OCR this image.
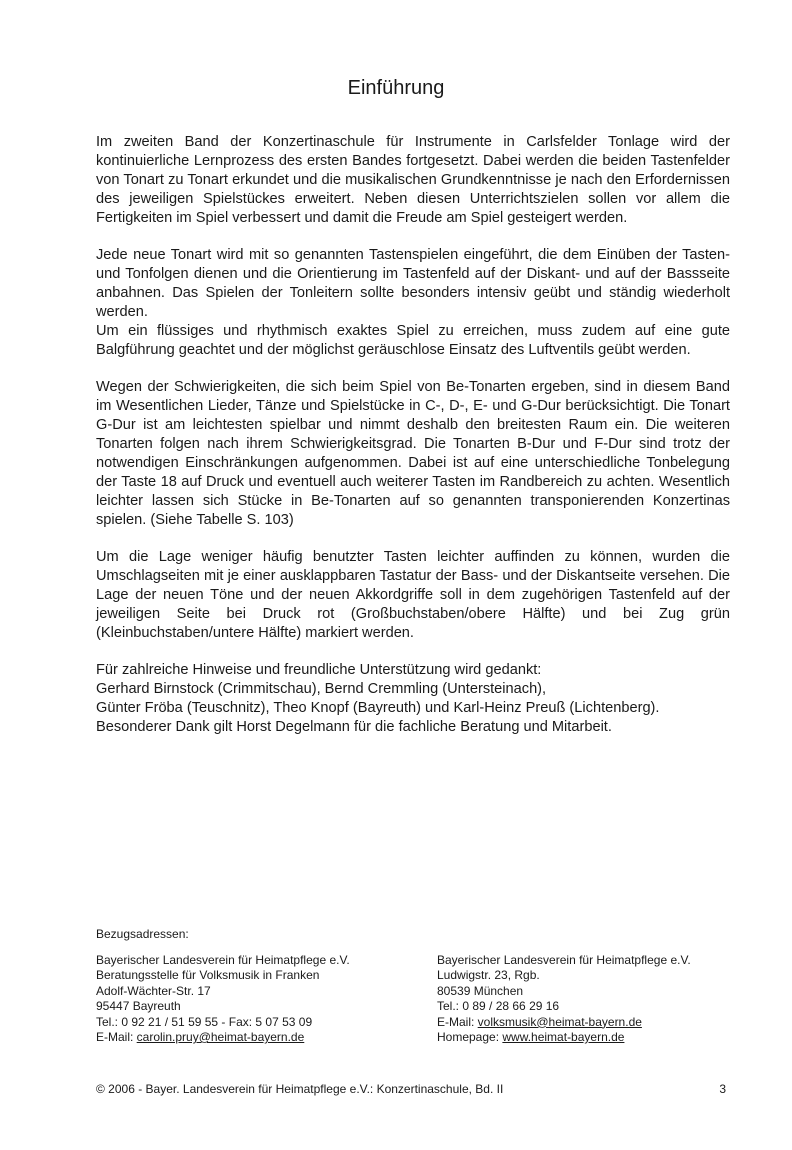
Einführung

Im zweiten Band der Konzertinaschule für Instrumente in Carlsfelder Tonlage wird der kontinuierliche Lernprozess des ersten Bandes fortgesetzt. Dabei werden die beiden Tastenfelder von Tonart zu Tonart erkundet und die musikalischen Grundkenntnisse je nach den Erfordernissen des jeweiligen Spielstückes erweitert. Neben diesen Unterrichtszielen sollen vor allem die Fertigkeiten im Spiel verbessert und damit die Freude am Spiel gesteigert werden.

Jede neue Tonart wird mit so genannten Tastenspielen eingeführt, die dem Einüben der Tasten- und Tonfolgen dienen und die Orientierung im Tastenfeld auf der Diskant- und auf der Bassseite anbahnen. Das Spielen der Tonleitern sollte besonders intensiv geübt und ständig wiederholt werden.

Um ein flüssiges und rhythmisch exaktes Spiel zu erreichen, muss zudem auf eine gute Balgführung geachtet und der möglichst geräuschlose Einsatz des Luftventils geübt werden.

Wegen der Schwierigkeiten, die sich beim Spiel von Be-Tonarten ergeben, sind in diesem Band im Wesentlichen Lieder, Tänze und Spielstücke in C-, D-, E- und G-Dur berücksichtigt. Die Tonart G-Dur ist am leichtesten spielbar und nimmt deshalb den breitesten Raum ein. Die weiteren Tonarten folgen nach ihrem Schwierigkeitsgrad. Die Tonarten B-Dur und F-Dur sind trotz der notwendigen Einschränkungen aufgenommen. Dabei ist auf eine unterschiedliche Tonbelegung der Taste 18 auf Druck und eventuell auch weiterer Tasten im Randbereich zu achten. Wesentlich leichter lassen sich Stücke in Be-Tonarten auf so genannten transponierenden Konzertinas spielen. (Siehe Tabelle S. 103)

Um die Lage weniger häufig benutzter Tasten leichter auffinden zu können, wurden die Umschlagseiten mit je einer ausklappbaren Tastatur der Bass- und der Diskantseite versehen. Die Lage der neuen Töne und der neuen Akkordgriffe soll in dem zugehörigen Tastenfeld auf der jeweiligen Seite bei Druck rot (Großbuchstaben/obere Hälfte) und bei Zug grün (Kleinbuchstaben/untere Hälfte) markiert werden.

Für zahlreiche Hinweise und freundliche Unterstützung wird gedankt:

Gerhard Birnstock (Crimmitschau), Bernd Cremmling (Untersteinach),

Günter Fröba (Teuschnitz), Theo Knopf (Bayreuth) und Karl-Heinz Preuß (Lichtenberg).

Besonderer Dank gilt Horst Degelmann für die fachliche Beratung und Mitarbeit.

Bezugsadressen:
Bayerischer Landesverein für Heimatpflege e.V.
Beratungsstelle für Volksmusik in Franken
Adolf-Wächter-Str. 17
95447 Bayreuth
Tel.: 0 92 21 / 51 59 55 - Fax: 5 07 53 09
E-Mail: carolin.pruy@heimat-bayern.de
Bayerischer Landesverein für Heimatpflege e.V.
Ludwigstr. 23, Rgb.
80539 München
Tel.: 0 89 / 28 66 29 16
E-Mail: volksmusik@heimat-bayern.de
Homepage: www.heimat-bayern.de
© 2006 - Bayer. Landesverein für Heimatpflege e.V.: Konzertinaschule, Bd. II	3
